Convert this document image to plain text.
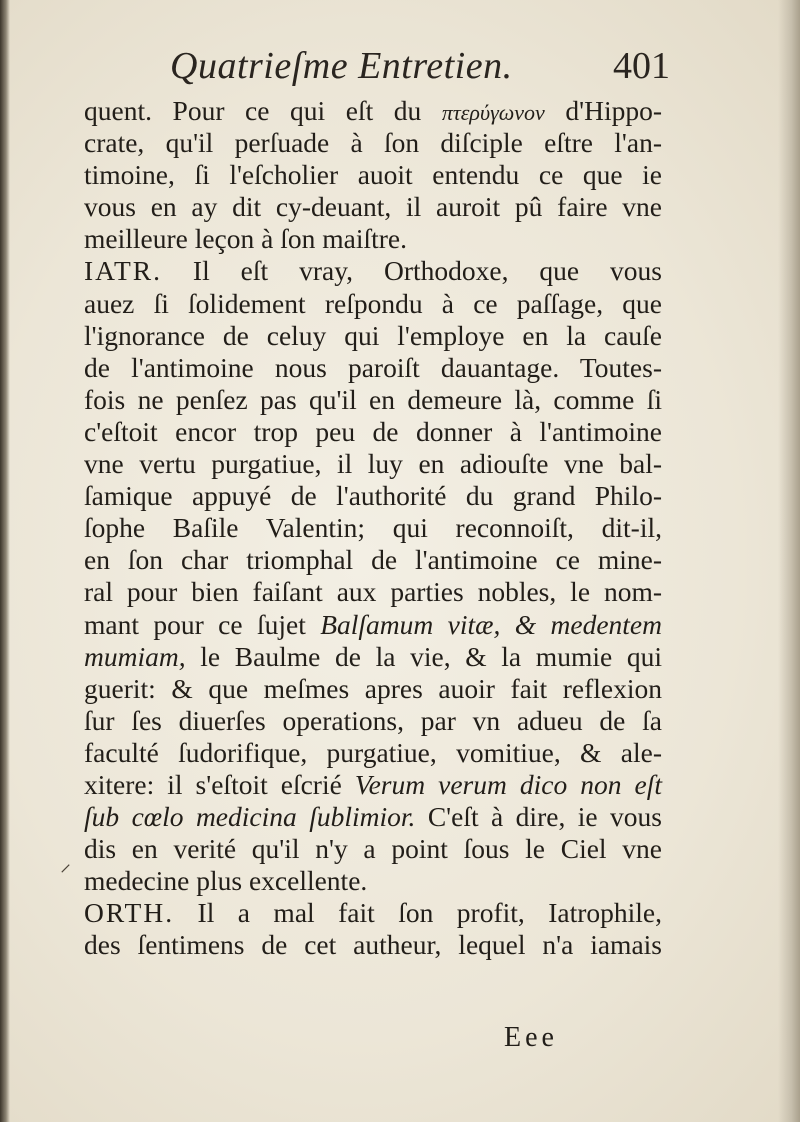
Quatrieſme Entretien.	401
⸍
quent. Pour ce qui eſt du πτερύγωνον d'Hippo-
crate, qu'il perſuade à ſon diſciple eſtre l'an-
timoine, ſi l'eſcholier auoit entendu ce que ie
vous en ay dit cy-deuant, il auroit pû faire vne
meilleure leçon à ſon maiſtre.
IATR. Il eſt vray, Orthodoxe, que vous
auez ſi ſolidement reſpondu à ce paſſage, que
l'ignorance de celuy qui l'employe en la cauſe
de l'antimoine nous paroiſt dauantage. Toutes-
fois ne penſez pas qu'il en demeure là, comme ſi
c'eſtoit encor trop peu de donner à l'antimoine
vne vertu purgatiue, il luy en adiouſte vne bal-
ſamique appuyé de l'authorité du grand Philo-
ſophe Baſile Valentin; qui reconnoiſt, dit-il,
en ſon char triomphal de l'antimoine ce mine-
ral pour bien faiſant aux parties nobles, le nom-
mant pour ce ſujet Balſamum vitæ, & medentem
mumiam, le Baulme de la vie, & la mumie qui
guerit: & que meſmes apres auoir fait reflexion
ſur ſes diuerſes operations, par vn adueu de ſa
faculté ſudorifique, purgatiue, vomitiue, & ale-
xitere: il s'eſtoit eſcrié Verum verum dico non eſt
ſub cœlo medicina ſublimior. C'eſt à dire, ie vous
dis en verité qu'il n'y a point ſous le Ciel vne
medecine plus excellente.
ORTH. Il a mal fait ſon profit, Iatrophile,
des ſentimens de cet autheur, lequel n'a iamais
Eee
